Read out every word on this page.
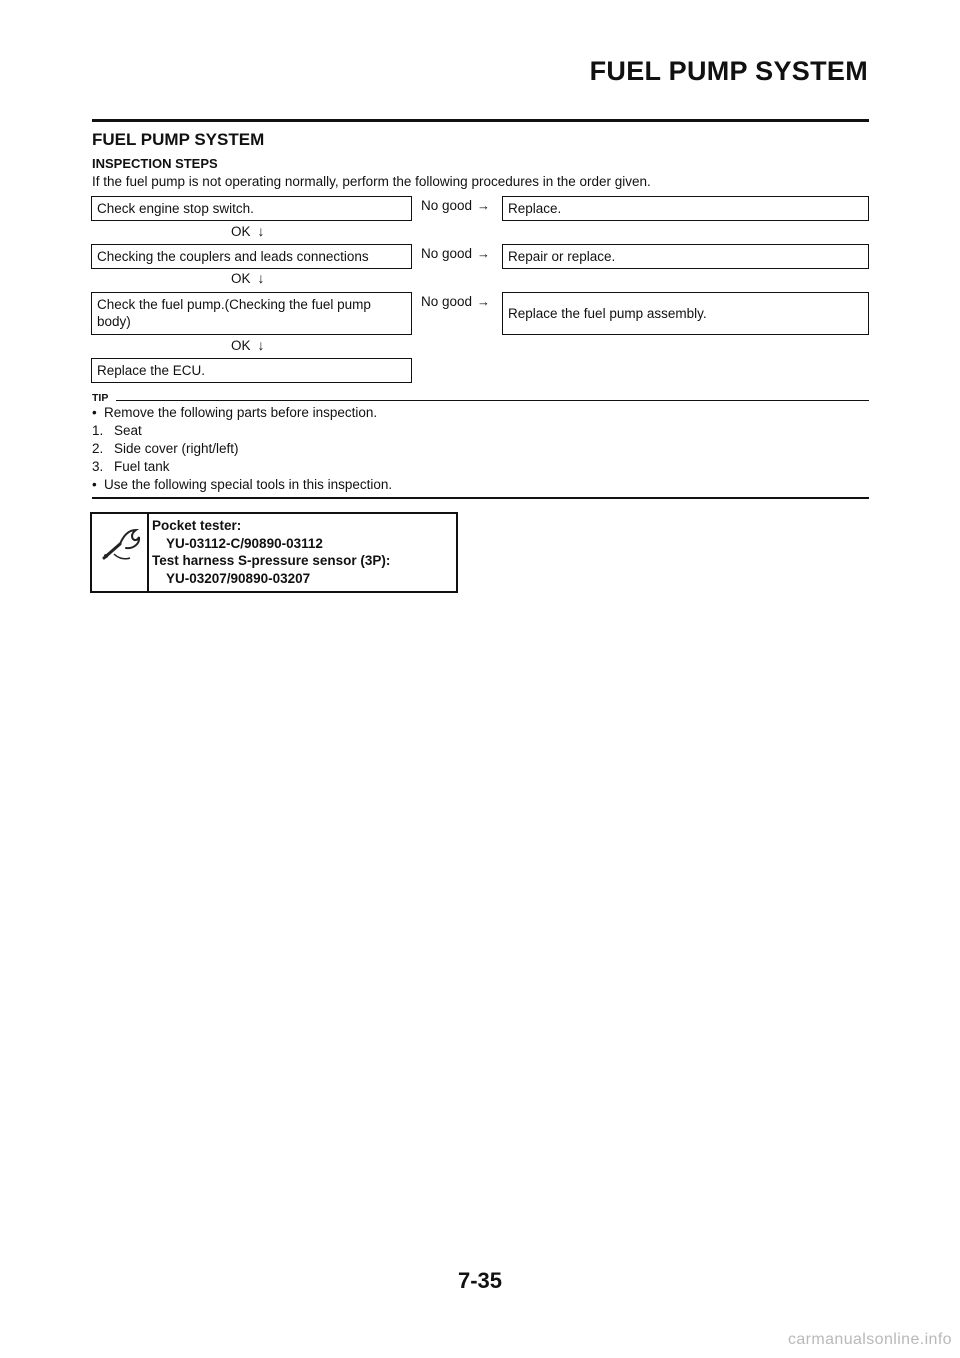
FUEL PUMP SYSTEM
FUEL PUMP SYSTEM
INSPECTION STEPS
If the fuel pump is not operating normally, perform the following procedures in the order given.
Check engine stop switch.	No good →	Replace.
OK ↓
Checking the couplers and leads connections	No good →	Repair or replace.
OK ↓
Check the fuel pump.(Checking the fuel pump body)
No good →
Replace the fuel pump assembly.
OK ↓
Replace the ECU.
TIP
• Remove the following parts before inspection.
1. Seat
2. Side cover (right/left)
3. Fuel tank
• Use the following special tools in this inspection.
Pocket tester:
YU-03112-C/90890-03112
Test harness S-pressure sensor (3P):
YU-03207/90890-03207
7-35
carmanualsonline.info
